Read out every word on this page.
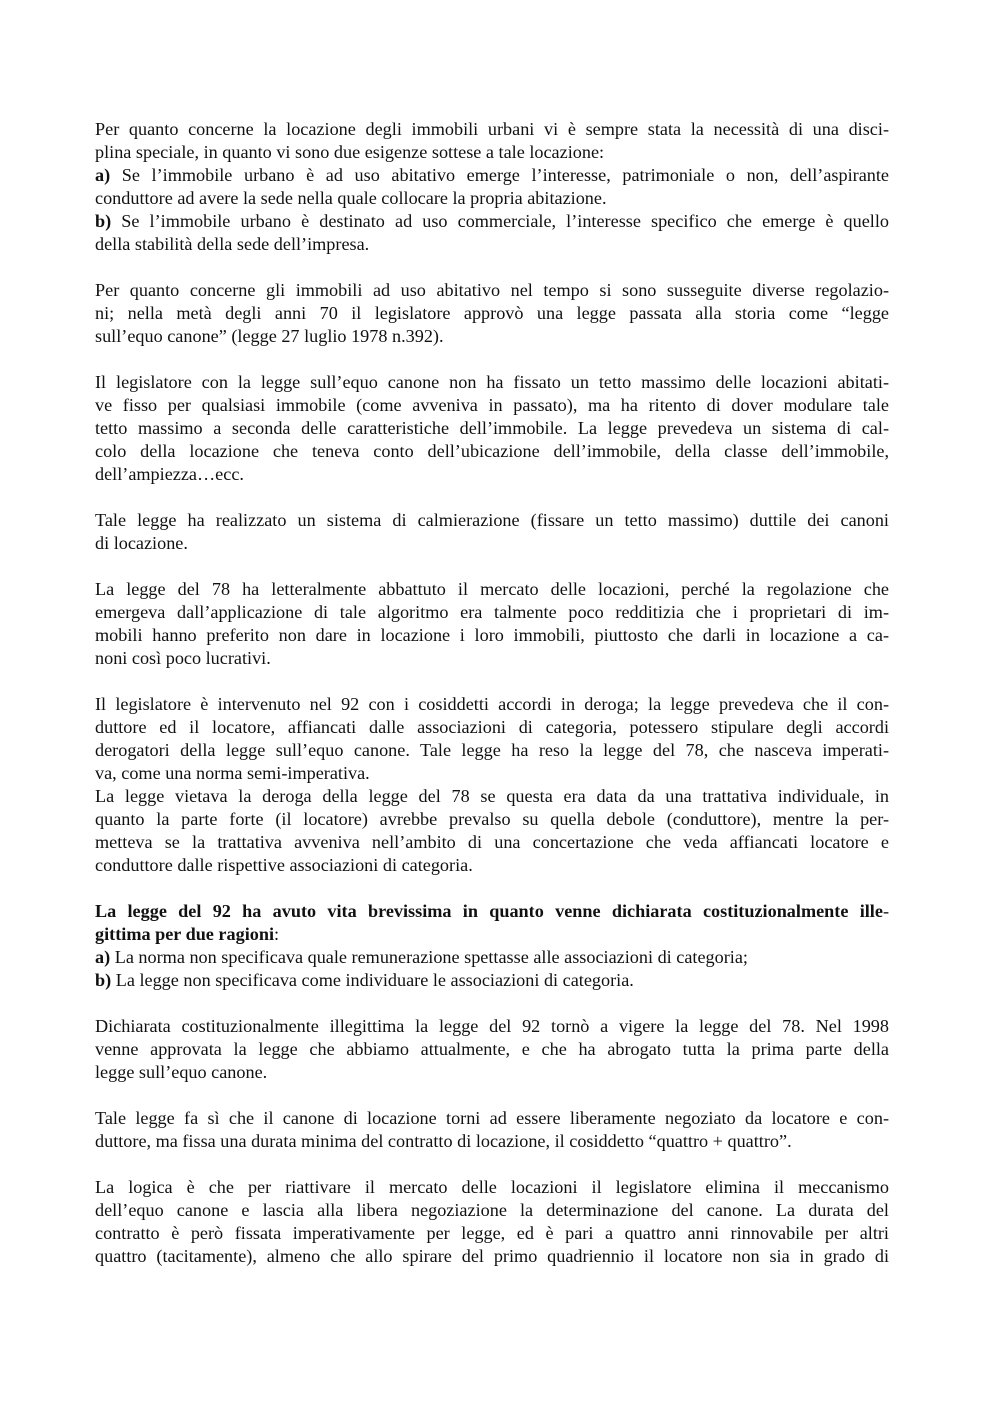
Per quanto concerne la locazione degli immobili urbani vi è sempre stata la necessità di una disci -
plina speciale, in quanto vi sono due esigenze sottese a tale locazione:
a) Se l’immobile urbano è ad uso abitativo emerge l’interesse, patrimoniale o non, dell’aspirante
conduttore ad avere la sede nella quale collocare la propria abitazione.
b) Se l’immobile urbano è destinato ad uso commerciale, l’interesse specifico che emerge è quello
della stabilità della sede dell’impresa.
Per quanto concerne gli immobili ad uso abitativo nel tempo si sono susseguite diverse regolazio -
ni; nella metà degli anni 70 il legislatore approvò una legge passata alla storia come “legge
sull’equo canone” (legge 27 luglio 1978 n.392).
Il legislatore con la legge sull’equo canone non ha fissato un tetto massimo delle locazioni abitati -
ve fisso per qualsiasi immobile (come avveniva in passato), ma ha ritento di dover modulare tale
tetto massimo a seconda delle caratteristiche dell’immobile. La legge prevedeva un sistema di cal -
colo della locazione che teneva conto dell’ubicazione dell’immobile, della classe dell’immobile,
dell’ampiezza…ecc.
Tale legge ha realizzato un sistema di calmierazione (fissare un tetto massimo) duttile dei canoni
di locazione.
La legge del 78 ha letteralmente abbattuto il mercato delle locazioni, perché la regolazione che
emergeva dall’applicazione di tale algoritmo era talmente poco redditizia che i proprietari di im -
mobili hanno preferito non dare in locazione i loro immobili, piuttosto che darli in locazione a ca -
noni così poco lucrativi.
Il legislatore è intervenuto nel 92 con i cosiddetti accordi in deroga; la legge prevedeva che il con -
duttore ed il locatore, affiancati dalle associazioni di categoria, potessero stipulare degli accordi
derogatori della legge sull’equo canone. Tale legge ha reso la legge del 78, che nasceva imperati -
va, come una norma semi-imperativa.
La legge vietava la deroga della legge del 78 se questa era data da una trattativa individuale, in
quanto la parte forte (il locatore) avrebbe prevalso su quella debole (conduttore), mentre la per -
metteva se la trattativa avveniva nell’ambito di una concertazione che veda affiancati locatore e
conduttore dalle rispettive associazioni di categoria.
La legge del 92 ha avuto vita brevissima in quanto venne dichiarata costituzionalmente ille -
gittima per due ragioni:
a) La norma non specificava quale remunerazione spettasse alle associazioni di categoria;
b) La legge non specificava come individuare le associazioni di categoria.
Dichiarata costituzionalmente illegittima la legge del 92 tornò a vigere la legge del 78. Nel 1998
venne approvata la legge che abbiamo attualmente, e che ha abrogato tutta la prima parte della
legge sull’equo canone.
Tale legge fa sì che il canone di locazione torni ad essere liberamente negoziato da locatore e con -
duttore, ma fissa una durata minima del contratto di locazione, il cosiddetto “quattro + quattro”.
La logica è che per riattivare il mercato delle locazioni il legislatore elimina il meccanismo
dell’equo canone e lascia alla libera negoziazione la determinazione del canone. La durata del
contratto è però fissata imperativamente per legge, ed è pari a quattro anni rinnovabile per altri
quattro (tacitamente), almeno che allo spirare del primo quadriennio il locatore non sia in grado di
